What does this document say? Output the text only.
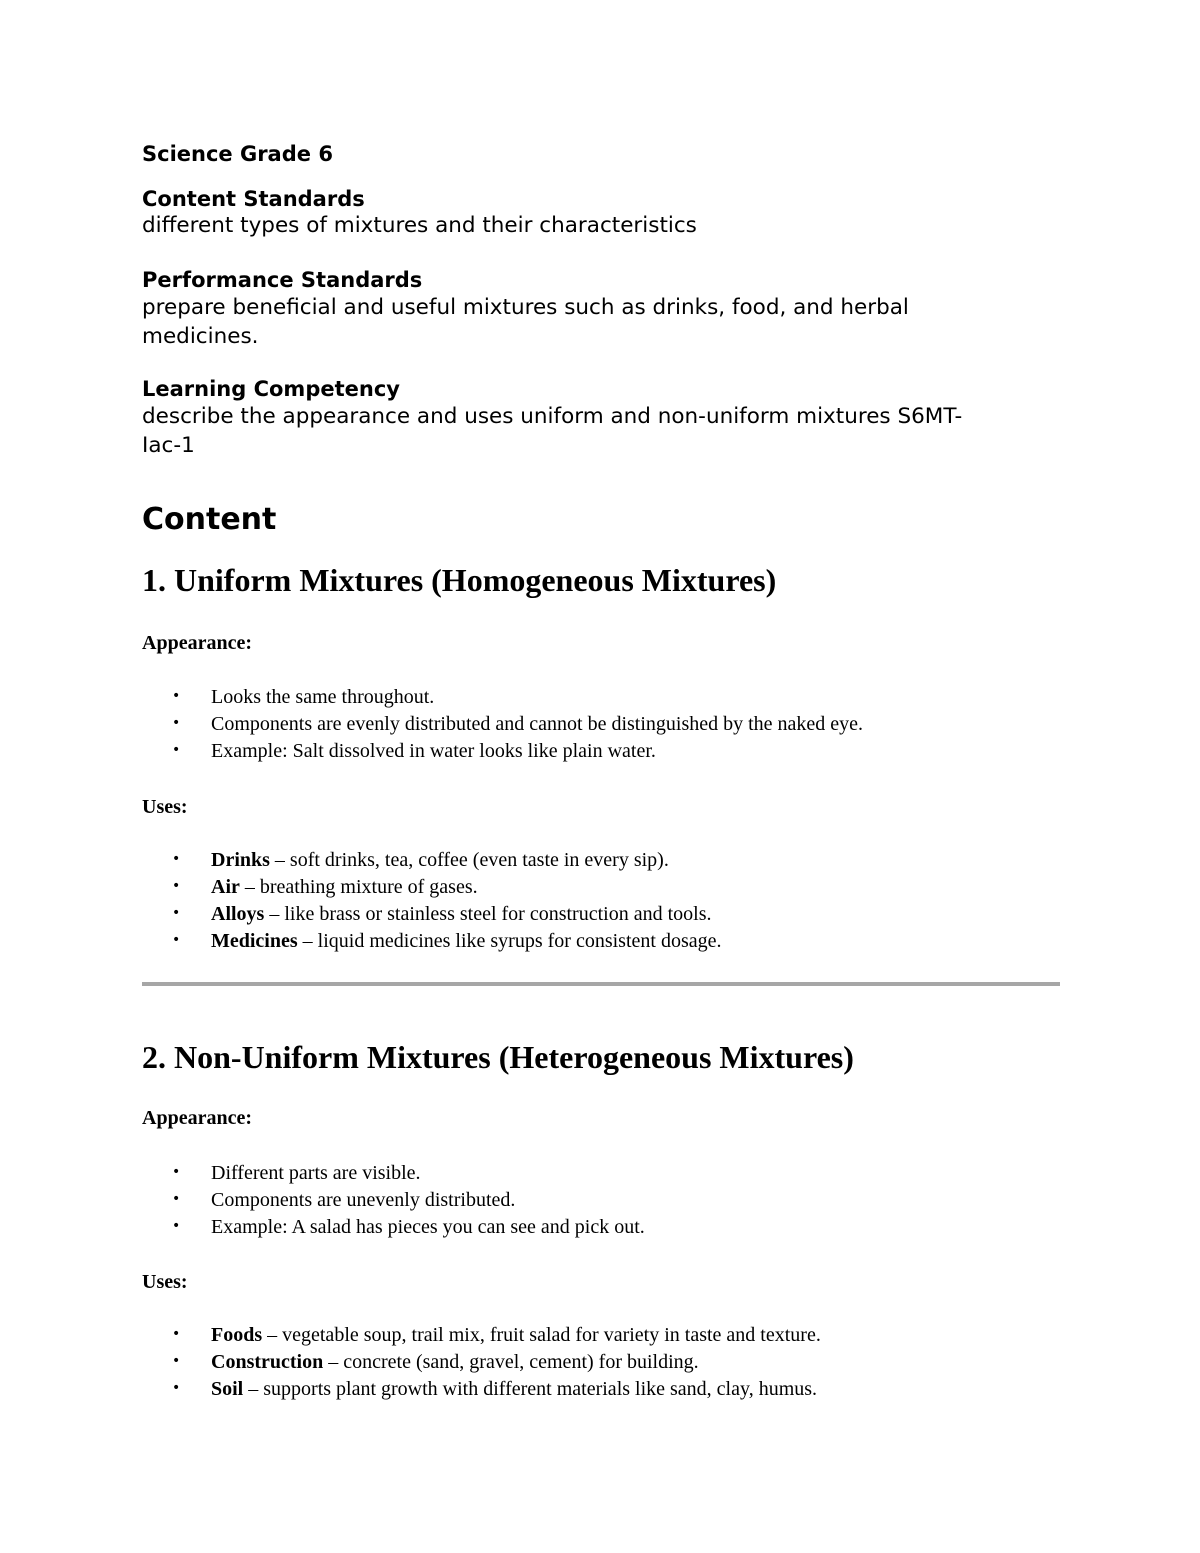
Science Grade 6
Content Standards
different types of mixtures and their characteristics
Performance Standards
prepare beneficial and useful mixtures such as drinks, food, and herbal
medicines.
Learning Competency
describe the appearance and uses uniform and non-uniform mixtures S6MT-
Iac-1
Content
1. Uniform Mixtures (Homogeneous Mixtures)
Appearance:
• Looks the same throughout.
• Components are evenly distributed and cannot be distinguished by the naked eye.
• Example: Salt dissolved in water looks like plain water.
Uses:
• Drinks – soft drinks, tea, coffee (even taste in every sip).
• Air – breathing mixture of gases.
• Alloys – like brass or stainless steel for construction and tools.
• Medicines – liquid medicines like syrups for consistent dosage.
2. Non-Uniform Mixtures (Heterogeneous Mixtures)
Appearance:
• Different parts are visible.
• Components are unevenly distributed.
• Example: A salad has pieces you can see and pick out.
Uses:
• Foods – vegetable soup, trail mix, fruit salad for variety in taste and texture.
• Construction – concrete (sand, gravel, cement) for building.
• Soil – supports plant growth with different materials like sand, clay, humus.
